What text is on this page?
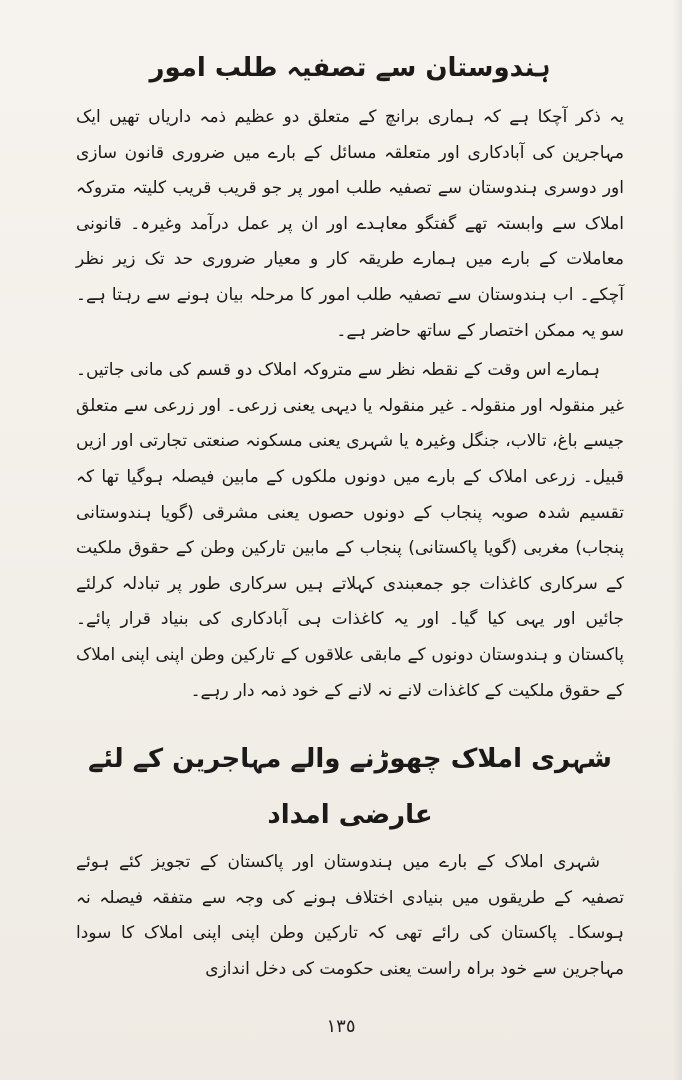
ہندوستان سے تصفیہ طلب امور

یہ ذکر آچکا ہے کہ ہماری برانچ کے متعلق دو عظیم ذمہ داریاں تھیں ایک مہاجرین کی آبادکاری اور متعلقہ مسائل کے بارے میں ضروری قانون سازی اور دوسری ہندوستان سے تصفیہ طلب امور پر جو قریب قریب کلیتہ متروکہ املاک سے وابستہ تھے گفتگو معاہدے اور ان پر عمل درآمد وغیرہ۔ قانونی معاملات کے بارے میں ہمارے طریقہ کار و معیار ضروری حد تک زیر نظر آچکے۔ اب ہندوستان سے تصفیہ طلب امور کا مرحلہ بیان ہونے سے رہتا ہے۔ سو یہ ممکن اختصار کے ساتھ حاضر ہے۔

ہمارے اس وقت کے نقطہ نظر سے متروکہ املاک دو قسم کی مانی جاتیں۔ غیر منقولہ اور منقولہ۔ غیر منقولہ یا دیہی یعنی زرعی۔ اور زرعی سے متعلق جیسے باغ، تالاب، جنگل وغیرہ یا شہری یعنی مسکونہ صنعتی تجارتی اور ازیں قبیل۔ زرعی املاک کے بارے میں دونوں ملکوں کے مابین فیصلہ ہوگیا تھا کہ تقسیم شدہ صوبہ پنجاب کے دونوں حصوں یعنی مشرقی (گویا ہندوستانی پنجاب) مغربی (گویا پاکستانی) پنجاب کے مابین تارکین وطن کے حقوق ملکیت کے سرکاری کاغذات جو جمعبندی کہلاتے ہیں سرکاری طور پر تبادلہ کرلئے جائیں اور یہی کیا گیا۔ اور یہ کاغذات ہی آبادکاری کی بنیاد قرار پائے۔ پاکستان و ہندوستان دونوں کے مابقی علاقوں کے تارکین وطن اپنی اپنی املاک کے حقوق ملکیت کے کاغذات لانے نہ لانے کے خود ذمہ دار رہے۔

شہری املاک چھوڑنے والے مہاجرین کے لئے عارضی امداد

شہری املاک کے بارے میں ہندوستان اور پاکستان کے تجویز کئے ہوئے تصفیہ کے طریقوں میں بنیادی اختلاف ہونے کی وجہ سے متفقہ فیصلہ نہ ہوسکا۔ پاکستان کی رائے تھی کہ تارکین وطن اپنی اپنی املاک کا سودا مہاجرین سے خود براہ راست یعنی حکومت کی دخل اندازی

١٣٥
